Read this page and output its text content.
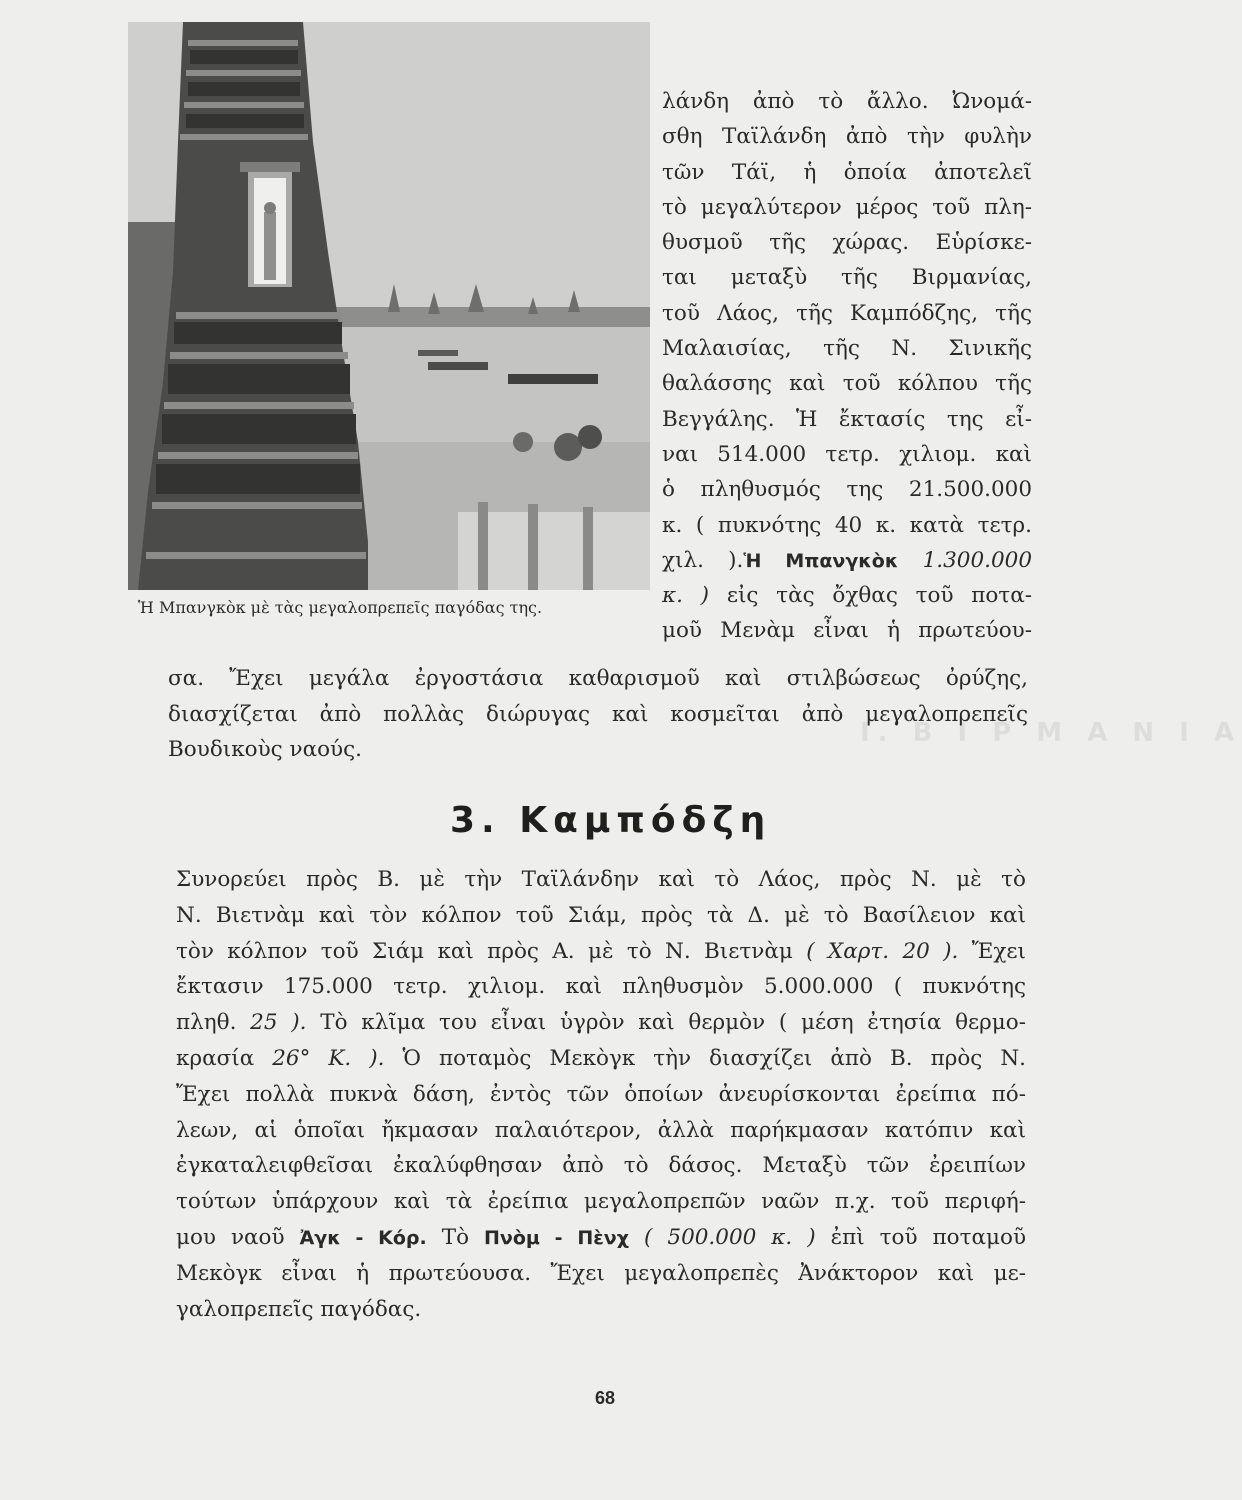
Ι. Β Ι Ρ Μ Α Ν Ι Α
Ἡ Μπανγκὸκ μὲ τὰς μεγαλοπρεπεῖς παγόδας της.
λάνδη ἀπὸ τὸ ἄλλο. Ὠνομά-
σθη Ταϊλάνδη ἀπὸ τὴν φυλὴν
τῶν Τάϊ, ἡ ὁποία ἀποτελεῖ
τὸ μεγαλύτερον μέρος τοῦ πλη-
θυσμοῦ τῆς χώρας. Εὑρίσκε-
ται μεταξὺ τῆς Βιρμανίας,
τοῦ Λάος, τῆς Καμπόδζης, τῆς
Μαλαισίας, τῆς Ν. Σινικῆς
θαλάσσης καὶ τοῦ κόλπου τῆς
Βεγγάλης. Ἡ ἔκτασίς της εἶ-
ναι 514.000 τετρ. χιλιομ. καὶ
ὁ πληθυσμός της 21.500.000
κ. ( πυκνότης 40 κ. κατὰ τετρ.
χιλ. ).Ἡ Μπανγκὸκ 1.300.000
κ. ) εἰς τὰς ὄχθας τοῦ ποτα-
μοῦ Μενὰμ εἶναι ἡ πρωτεύου-
σα. Ἔχει μεγάλα ἐργοστάσια καθαρισμοῦ καὶ στιλβώσεως ὀρύζης,
διασχίζεται ἀπὸ πολλὰς διώρυγας καὶ κοσμεῖται ἀπὸ μεγαλοπρεπεῖς
Βουδικοὺς ναούς.
3. Καμπόδζη
Συνορεύει πρὸς Β. μὲ τὴν Ταϊλάνδην καὶ τὸ Λάος, πρὸς Ν. μὲ τὸ
Ν. Βιετνὰμ καὶ τὸν κόλπον τοῦ Σιάμ, πρὸς τὰ Δ. μὲ τὸ Βασίλειον καὶ
τὸν κόλπον τοῦ Σιάμ καὶ πρὸς Α. μὲ τὸ Ν. Βιετνὰμ ( Χαρτ. 20 ). Ἔχει
ἔκτασιν 175.000 τετρ. χιλιομ. καὶ πληθυσμὸν 5.000.000 ( πυκνότης
πληθ. 25 ). Τὸ κλῖμα του εἶναι ὑγρὸν καὶ θερμὸν ( μέση ἐτησία θερμο-
κρασία 26° Κ. ). Ὁ ποταμὸς Μεκὸγκ τὴν διασχίζει ἀπὸ Β. πρὸς Ν.
Ἔχει πολλὰ πυκνὰ δάση, ἐντὸς τῶν ὁποίων ἀνευρίσκονται ἐρείπια πό-
λεων, αἱ ὁποῖαι ἤκμασαν παλαιότερον, ἀλλὰ παρήκμασαν κατόπιν καὶ
ἐγκαταλειφθεῖσαι ἐκαλύφθησαν ἀπὸ τὸ δάσος. Μεταξὺ τῶν ἐρειπίων
τούτων ὑπάρχουν καὶ τὰ ἐρείπια μεγαλοπρεπῶν ναῶν π.χ. τοῦ περιφή-
μου ναοῦ Ἀγκ - Κόρ. Τὸ Πνὸμ - Πὲνχ ( 500.000 κ. ) ἐπὶ τοῦ ποταμοῦ
Μεκὸγκ εἶναι ἡ πρωτεύουσα. Ἔχει μεγαλοπρεπὲς Ἀνάκτορον καὶ με-
γαλοπρεπεῖς παγόδας.
68
